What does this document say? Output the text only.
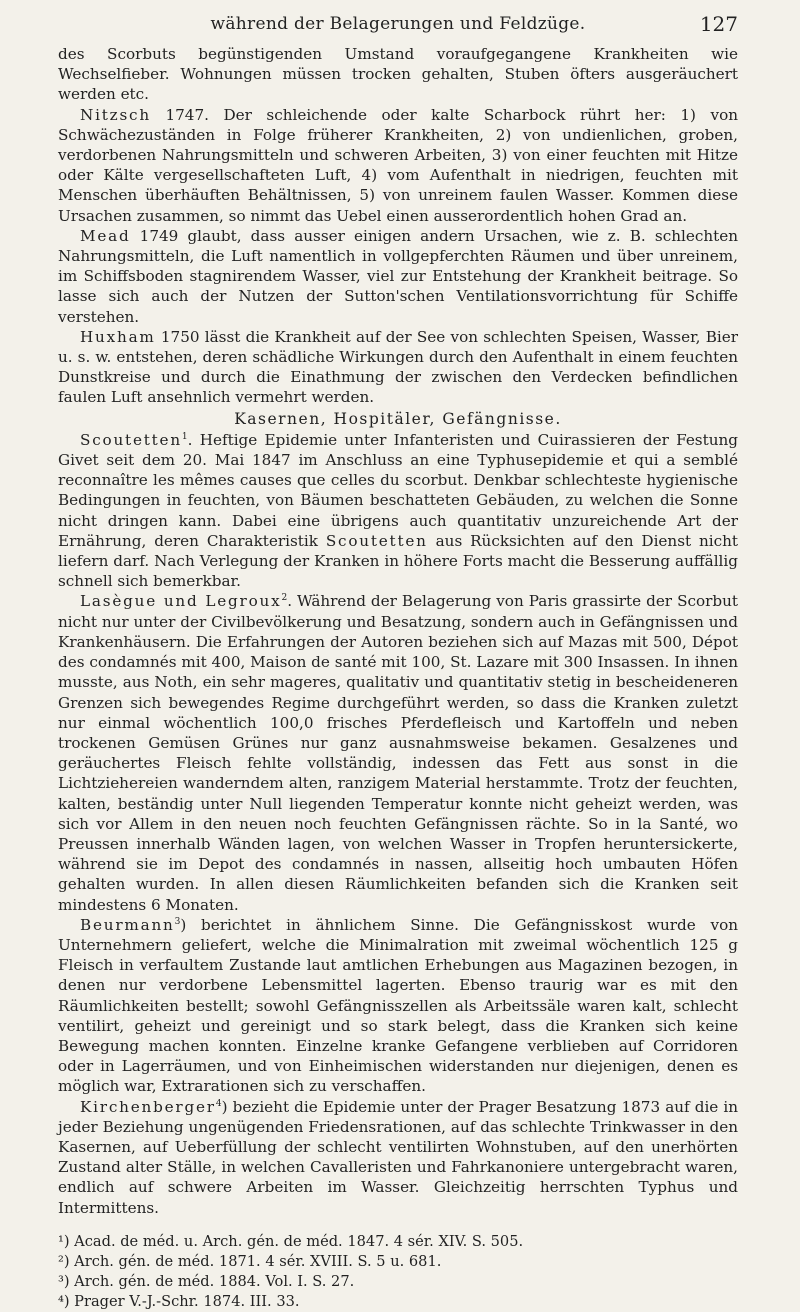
während der Belagerungen und Feldzüge.	127

des Scorbuts begünstigenden Umstand voraufgegangene Krankheiten wie Wechselfieber. Wohnungen müssen trocken gehalten, Stuben öfters ausgeräuchert werden etc.

Nitzsch 1747. Der schleichende oder kalte Scharbock rührt her: 1) von Schwächezuständen in Folge früherer Krankheiten, 2) von undienlichen, groben, verdorbenen Nahrungsmitteln und schweren Arbeiten, 3) von einer feuchten mit Hitze oder Kälte vergesellschafteten Luft, 4) vom Aufenthalt in niedrigen, feuchten mit Menschen überhäuften Behältnissen, 5) von unreinem faulen Wasser. Kommen diese Ursachen zusammen, so nimmt das Uebel einen ausserordentlich hohen Grad an.

Mead 1749 glaubt, dass ausser einigen andern Ursachen, wie z. B. schlechten Nahrungsmitteln, die Luft namentlich in vollgepferchten Räumen und über unreinem, im Schiffsboden stagnirendem Wasser, viel zur Entstehung der Krankheit beitrage. So lasse sich auch der Nutzen der Sutton'schen Ventilationsvorrichtung für Schiffe verstehen.

Huxham 1750 lässt die Krankheit auf der See von schlechten Speisen, Wasser, Bier u. s. w. entstehen, deren schädliche Wirkungen durch den Aufenthalt in einem feuchten Dunstkreise und durch die Einathmung der zwischen den Verdecken befindlichen faulen Luft ansehnlich vermehrt werden.

Kasernen, Hospitäler, Gefängnisse.

Scoutetten$^1$. Heftige Epidemie unter Infanteristen und Cuirassieren der Festung Givet seit dem 20. Mai 1847 im Anschluss an eine Typhusepidemie et qui a semblé reconnaître les mêmes causes que celles du scorbut. Denkbar schlechteste hygienische Bedingungen in feuchten, von Bäumen beschatteten Gebäuden, zu welchen die Sonne nicht dringen kann. Dabei eine übrigens auch quantitativ unzureichende Art der Ernährung, deren Charakteristik Scoutetten aus Rücksichten auf den Dienst nicht liefern darf. Nach Verlegung der Kranken in höhere Forts macht die Besserung auffällig schnell sich bemerkbar.

Lasègue und Legroux$^2$. Während der Belagerung von Paris grassirte der Scorbut nicht nur unter der Civilbevölkerung und Besatzung, sondern auch in Gefängnissen und Krankenhäusern. Die Erfahrungen der Autoren beziehen sich auf Mazas mit 500, Dépot des condamnés mit 400, Maison de santé mit 100, St. Lazare mit 300 Insassen. In ihnen musste, aus Noth, ein sehr mageres, qualitativ und quantitativ stetig in bescheideneren Grenzen sich bewegendes Regime durchgeführt werden, so dass die Kranken zuletzt nur einmal wöchentlich 100,0 frisches Pferdefleisch und Kartoffeln und neben trockenen Gemüsen Grünes nur ganz ausnahmsweise bekamen. Gesalzenes und geräuchertes Fleisch fehlte vollständig, indessen das Fett aus sonst in die Lichtziehereien wanderndem alten, ranzigem Material herstammte. Trotz der feuchten, kalten, beständig unter Null liegenden Temperatur konnte nicht geheizt werden, was sich vor Allem in den neuen noch feuchten Gefängnissen rächte. So in la Santé, wo Preussen innerhalb Wänden lagen, von welchen Wasser in Tropfen heruntersickerte, während sie im Depot des condamnés in nassen, allseitig hoch umbauten Höfen gehalten wurden. In allen diesen Räumlichkeiten befanden sich die Kranken seit mindestens 6 Monaten.

Beurmann$^3$) berichtet in ähnlichem Sinne. Die Gefängnisskost wurde von Unternehmern geliefert, welche die Minimalration mit zweimal wöchentlich 125 g Fleisch in verfaultem Zustande laut amtlichen Erhebungen aus Magazinen bezogen, in denen nur verdorbene Lebensmittel lagerten. Ebenso traurig war es mit den Räumlichkeiten bestellt; sowohl Gefängnisszellen als Arbeitssäle waren kalt, schlecht ventilirt, geheizt und gereinigt und so stark belegt, dass die Kranken sich keine Bewegung machen konnten. Einzelne kranke Gefangene verblieben auf Corridoren oder in Lagerräumen, und von Einheimischen widerstanden nur diejenigen, denen es möglich war, Extrarationen sich zu verschaffen.

Kirchenberger$^4$) bezieht die Epidemie unter der Prager Besatzung 1873 auf die in jeder Beziehung ungenügenden Friedensrationen, auf das schlechte Trinkwasser in den Kasernen, auf Ueberfüllung der schlecht ventilirten Wohnstuben, auf den unerhörten Zustand alter Ställe, in welchen Cavalleristen und Fahrkanoniere untergebracht waren, endlich auf schwere Arbeiten im Wasser. Gleichzeitig herrschten Typhus und Intermittens.

¹) Acad. de méd. u. Arch. gén. de méd. 1847. 4 sér. XIV. S. 505.
²) Arch. gén. de méd. 1871. 4 sér. XVIII. S. 5 u. 681.
³) Arch. gén. de méd. 1884. Vol. I. S. 27.
⁴) Prager V.-J.-Schr. 1874. III. 33.
